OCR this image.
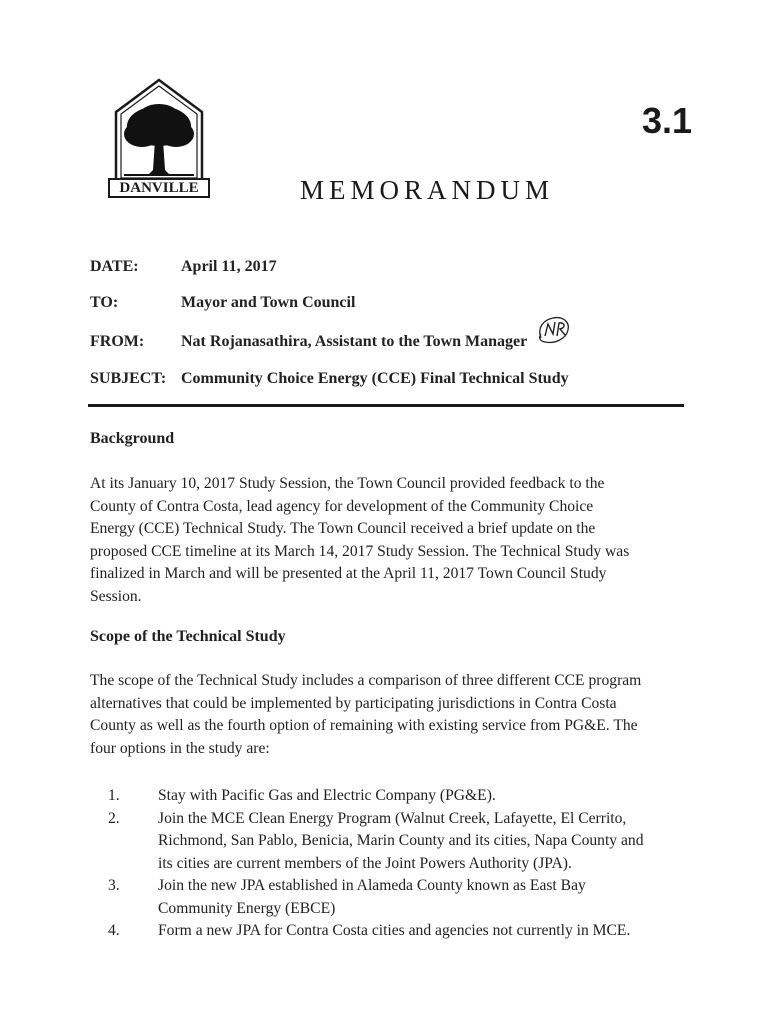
DANVILLE
3.1
MEMORANDUM
DATE:	April 11, 2017
TO:	Mayor and Town Council
FROM: Nat Rojanasathira, Assistant to the Town Manager
SUBJECT: Community Choice Energy (CCE) Final Technical Study
Background
At its January 10, 2017 Study Session, the Town Council provided feedback to the
County of Contra Costa, lead agency for development of the Community Choice
Energy (CCE) Technical Study. The Town Council received a brief update on the
proposed CCE timeline at its March 14, 2017 Study Session. The Technical Study was
finalized in March and will be presented at the April 11, 2017 Town Council Study
Session.
Scope of the Technical Study
The scope of the Technical Study includes a comparison of three different CCE program
alternatives that could be implemented by participating jurisdictions in Contra Costa
County as well as the fourth option of remaining with existing service from PG&E. The
four options in the study are:
1. Stay with Pacific Gas and Electric Company (PG&E).
2. Join the MCE Clean Energy Program (Walnut Creek, Lafayette, El Cerrito,
Richmond, San Pablo, Benicia, Marin County and its cities, Napa County and
its cities are current members of the Joint Powers Authority (JPA).
3. Join the new JPA established in Alameda County known as East Bay
Community Energy (EBCE)
4. Form a new JPA for Contra Costa cities and agencies not currently in MCE.
